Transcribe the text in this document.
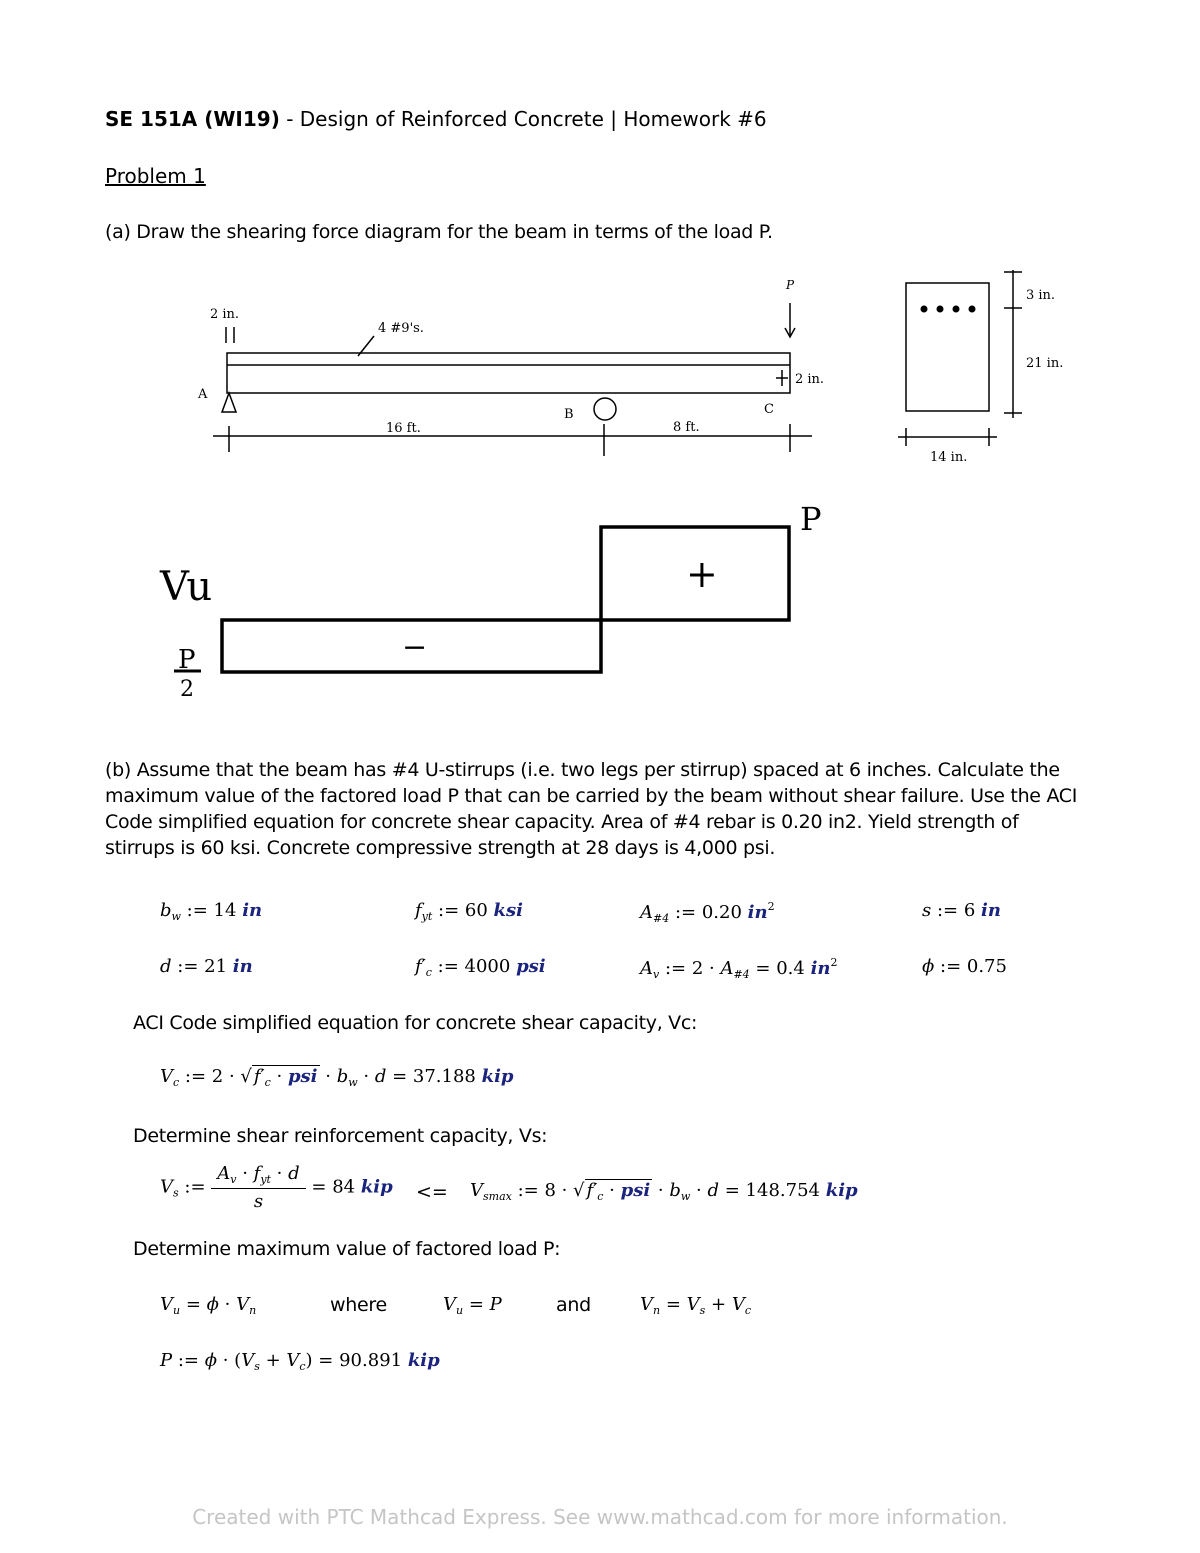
SE 151A (WI19) - Design of Reinforced Concrete | Homework #6
Problem 1
(a) Draw the shearing force diagram for the beam in terms of the load P.
P
2 in.
4 #9's.
2 in.
A
B	C
16 ft.	8 ft.
3 in.
21 in.
14 in.
Vu
P
2
P
+
−
(b) Assume that the beam has #4 U-stirrups (i.e. two legs per stirrup) spaced at 6 inches. Calculate the maximum value of the factored load P that can be carried by the beam without shear failure. Use the ACI Code simplified equation for concrete shear capacity. Area of #4 rebar is 0.20 in2. Yield strength of stirrups is 60 ksi. Concrete compressive strength at 28 days is 4,000 psi.
$b_w$ := 14 in	$f_{yt}$ := 60 ksi	$A_{\#4}$ := 0.20 $in^2$	s := 6 in
d := 21 in	$f'_c$ := 4000 psi	$A_v$ := $2 \cdot A_{\#4} = 0.4$ $in^2$	ϕ := 0.75
ACI Code simplified equation for concrete shear capacity, Vc:
$V_c$ := 2 · √ $f'_c$ · psi · $b_w \cdot d = 37.188$ kip
Determine shear reinforcement capacity, Vs:
$V_s$ := $\frac{A_v \cdot f_{yt} \cdot d}{s} = 84$ kip <= $V_{smax}$ := 8 · √ $f'_c$ · psi · $b_w \cdot d = 148.754$ kip
Determine maximum value of factored load P:
$V_u = \phi \cdot V_n$	where	$V_u = P$	and	$V_n = V_s + V_c$
P := $\phi \cdot (V_s + V_c) = 90.891$ kip
Created with PTC Mathcad Express. See www.mathcad.com for more information.
